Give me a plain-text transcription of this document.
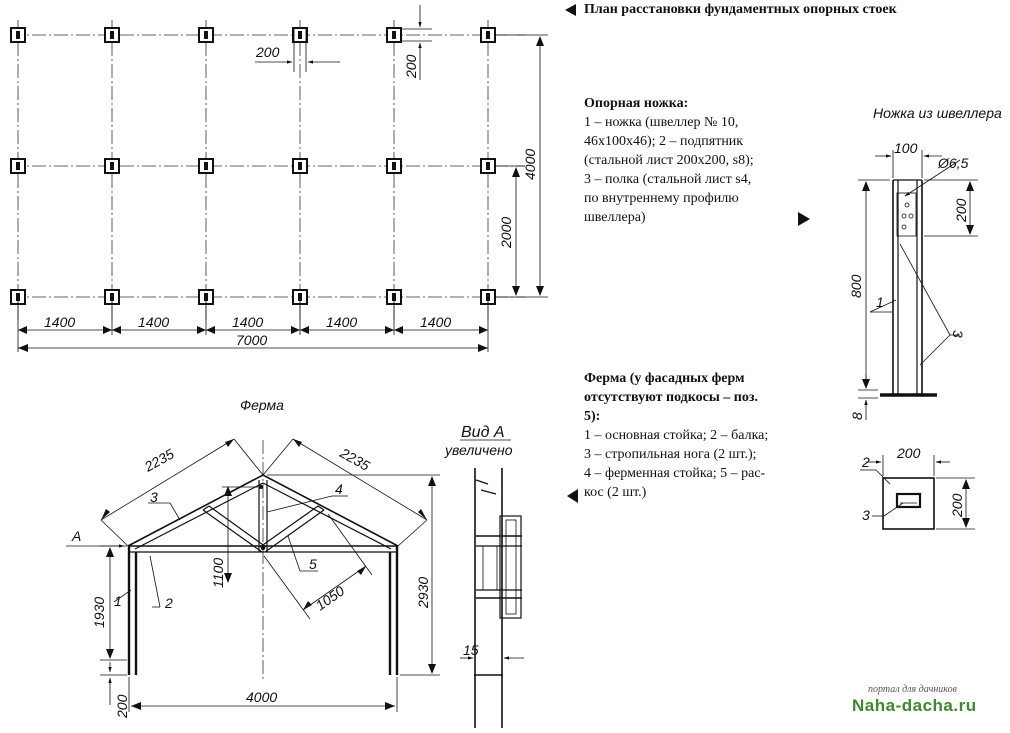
200
200
4000
2000
1400	1400	1400	1400	1400
7000
Ферма
2235	2235
1930
200
1100
1050	2930
4000
A
1	2
3	4
5
Вид A
увеличено
15
Ножка из швеллера
100
Ø6,5
200
800
8
1
3
200
200
2
3
План расстановки фундаментных опорных стоек
Опорная ножка:
1 – ножка (швеллер № 10,
46х100х46); 2 – подпятник
(стальной лист 200х200, s8);
3 – полка (стальной лист s4,
по внутреннему профилю
швеллера)
Ферма (у фасадных ферм
отсутствуют подкосы – поз.
5):
1 – основная стойка; 2 – балка;
3 – стропильная нога (2 шт.);
4 – ферменная стойка; 5 – рас-
кос (2 шт.)
портал для дачников
Naha-dacha.ru
